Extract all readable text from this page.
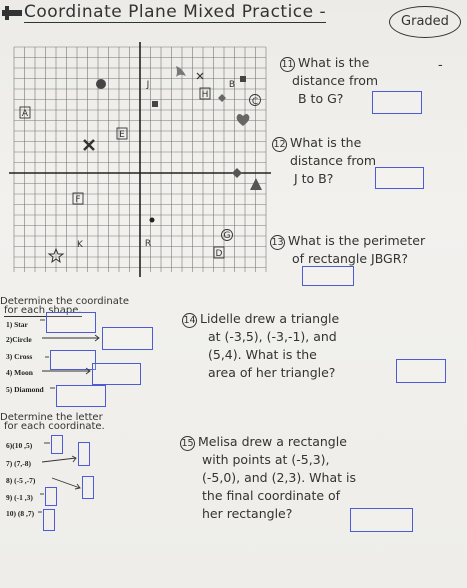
Coordinate Plane Mixed Practice -	Graded
J	B
C
H
A
E
F
G
K	R
D
11 What is the
distance from
B to G?
-
12 What is the
distance from
J to B?
13 What is the perimeter
of rectangle JBGR?
14 Lidelle drew a triangle
at (-3,5), (-3,-1), and
(5,4). What is the
area of her triangle?
15 Melisa drew a rectangle
with points at (-5,3),
(-5,0), and (2,3). What is
the final coordinate of
her rectangle?
Determine the coordinate
for each shape.
1) Star
2)Circle
3) Cross
4) Moon
5) Diamond
Determine the letter
for each coordinate.
6)(10 ,5)
7) (7,-8)
8) (-5 ,-7)
9) (-1 ,3)
10) (8 ,7)
